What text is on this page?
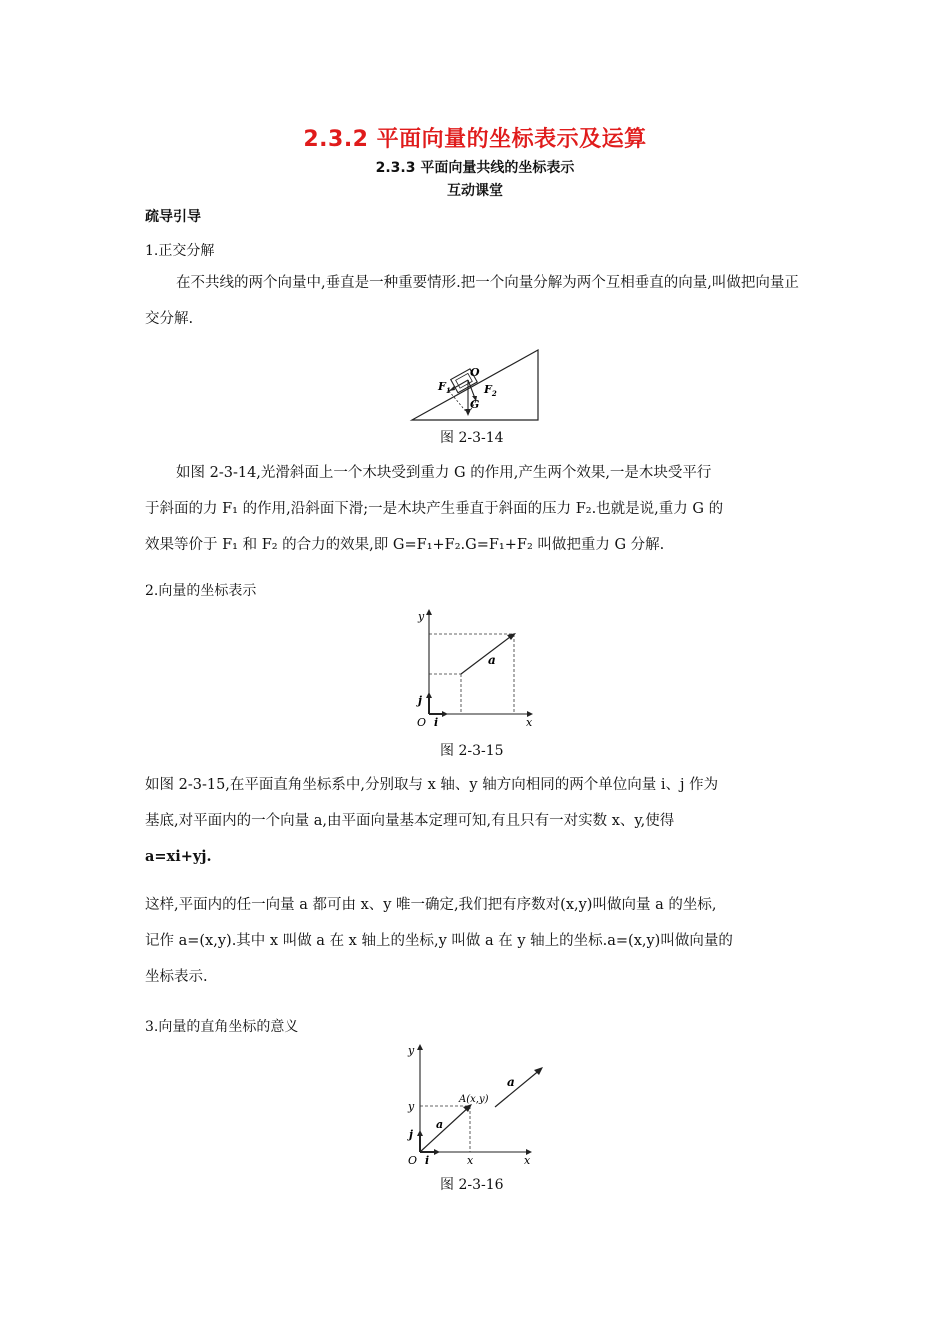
2.3.2 平面向量的坐标表示及运算
2.3.3 平面向量共线的坐标表示
互动课堂
疏导引导
1.正交分解
在不共线的两个向量中,垂直是一种重要情形.把一个向量分解为两个互相垂直的向量,叫做把向量正交分解.
$F_1$
O
$F_2$
G
图 2-3-14
如图 2-3-14,光滑斜面上一个木块受到重力 G 的作用,产生两个效果,一是木块受平行
于斜面的力 F₁ 的作用,沿斜面下滑;一是木块产生垂直于斜面的压力 F₂.也就是说,重力 G 的
效果等价于 F₁ 和 F₂ 的合力的效果,即 G=F₁+F₂.G=F₁+F₂ 叫做把重力 G 分解.
2.向量的坐标表示
y
x
O i
j
a
图 2-3-15
如图 2-3-15,在平面直角坐标系中,分别取与 x 轴、y 轴方向相同的两个单位向量 i、j 作为
基底,对平面内的一个向量 a,由平面向量基本定理可知,有且只有一对实数 x、y,使得
a=xi+yj.
这样,平面内的任一向量 a 都可由 x、y 唯一确定,我们把有序数对(x,y)叫做向量 a 的坐标,
记作 a=(x,y).其中 x 叫做 a 在 x 轴上的坐标,y 叫做 a 在 y 轴上的坐标.a=(x,y)叫做向量的
坐标表示.
3.向量的直角坐标的意义
y
x
y
x
O i
j
a
a
A(x,y)
图 2-3-16
